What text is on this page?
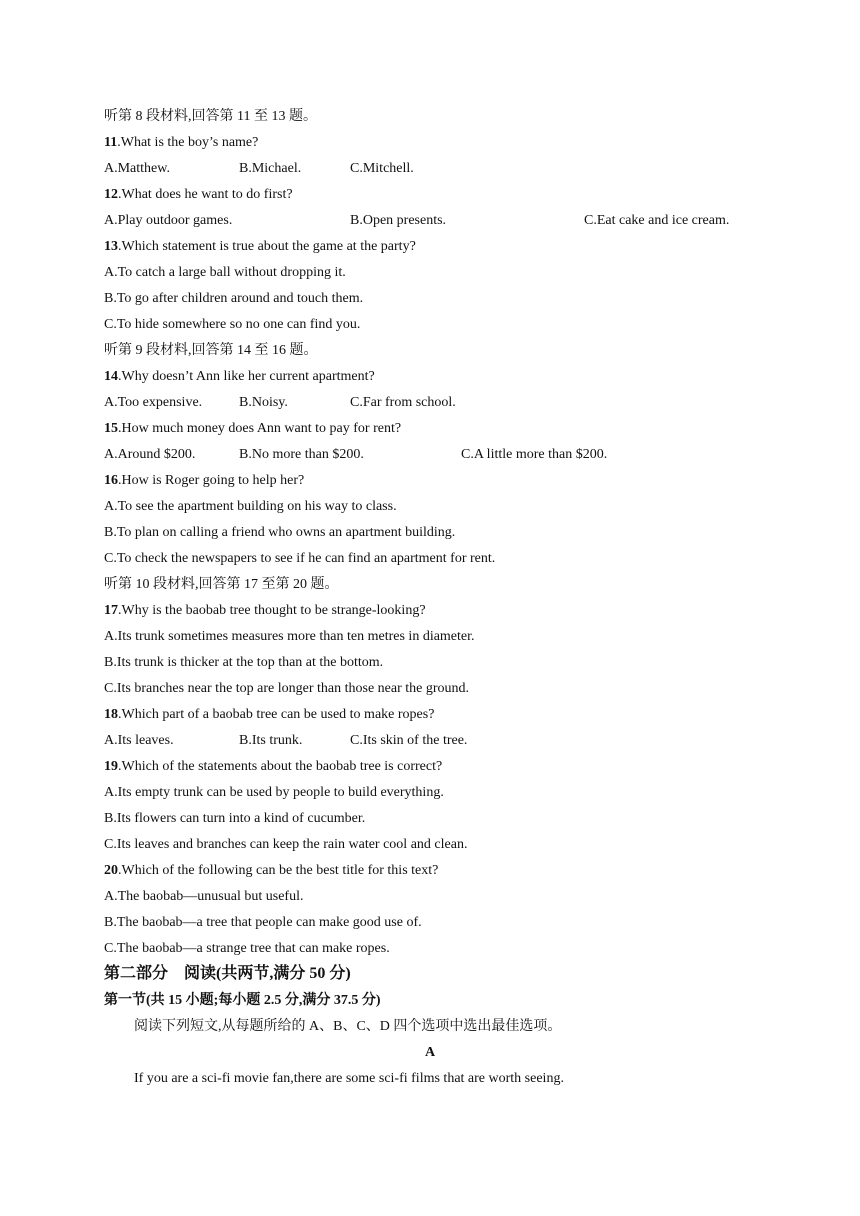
听第 8 段材料,回答第 11 至 13 题。
11.What is the boy’s name?
A.Matthew.	B.Michael.	C.Mitchell.
12.What does he want to do first?
A.Play outdoor games.	B.Open presents.	C.Eat cake and ice cream.
13.Which statement is true about the game at the party?
A.To catch a large ball without dropping it.
B.To go after children around and touch them.
C.To hide somewhere so no one can find you.
听第 9 段材料,回答第 14 至 16 题。
14.Why doesn’t Ann like her current apartment?
A.Too expensive.	B.Noisy.	C.Far from school.
15.How much money does Ann want to pay for rent?
A.Around $200.	B.No more than $200.	C.A little more than $200.
16.How is Roger going to help her?
A.To see the apartment building on his way to class.
B.To plan on calling a friend who owns an apartment building.
C.To check the newspapers to see if he can find an apartment for rent.
听第 10 段材料,回答第 17 至第 20 题。
17.Why is the baobab tree thought to be strange-looking?
A.Its trunk sometimes measures more than ten metres in diameter.
B.Its trunk is thicker at the top than at the bottom.
C.Its branches near the top are longer than those near the ground.
18.Which part of a baobab tree can be used to make ropes?
A.Its leaves.	B.Its trunk.	C.Its skin of the tree.
19.Which of the statements about the baobab tree is correct?
A.Its empty trunk can be used by people to build everything.
B.Its flowers can turn into a kind of cucumber.
C.Its leaves and branches can keep the rain water cool and clean.
20.Which of the following can be the best title for this text?
A.The baobab—unusual but useful.
B.The baobab—a tree that people can make good use of.
C.The baobab—a strange tree that can make ropes.
第二部分　阅读(共两节,满分 50 分)
第一节(共 15 小题;每小题 2.5 分,满分 37.5 分)
阅读下列短文,从每题所给的 A、B、C、D 四个选项中选出最佳选项。
A
If you are a sci-fi movie fan,there are some sci-fi films that are worth seeing.
